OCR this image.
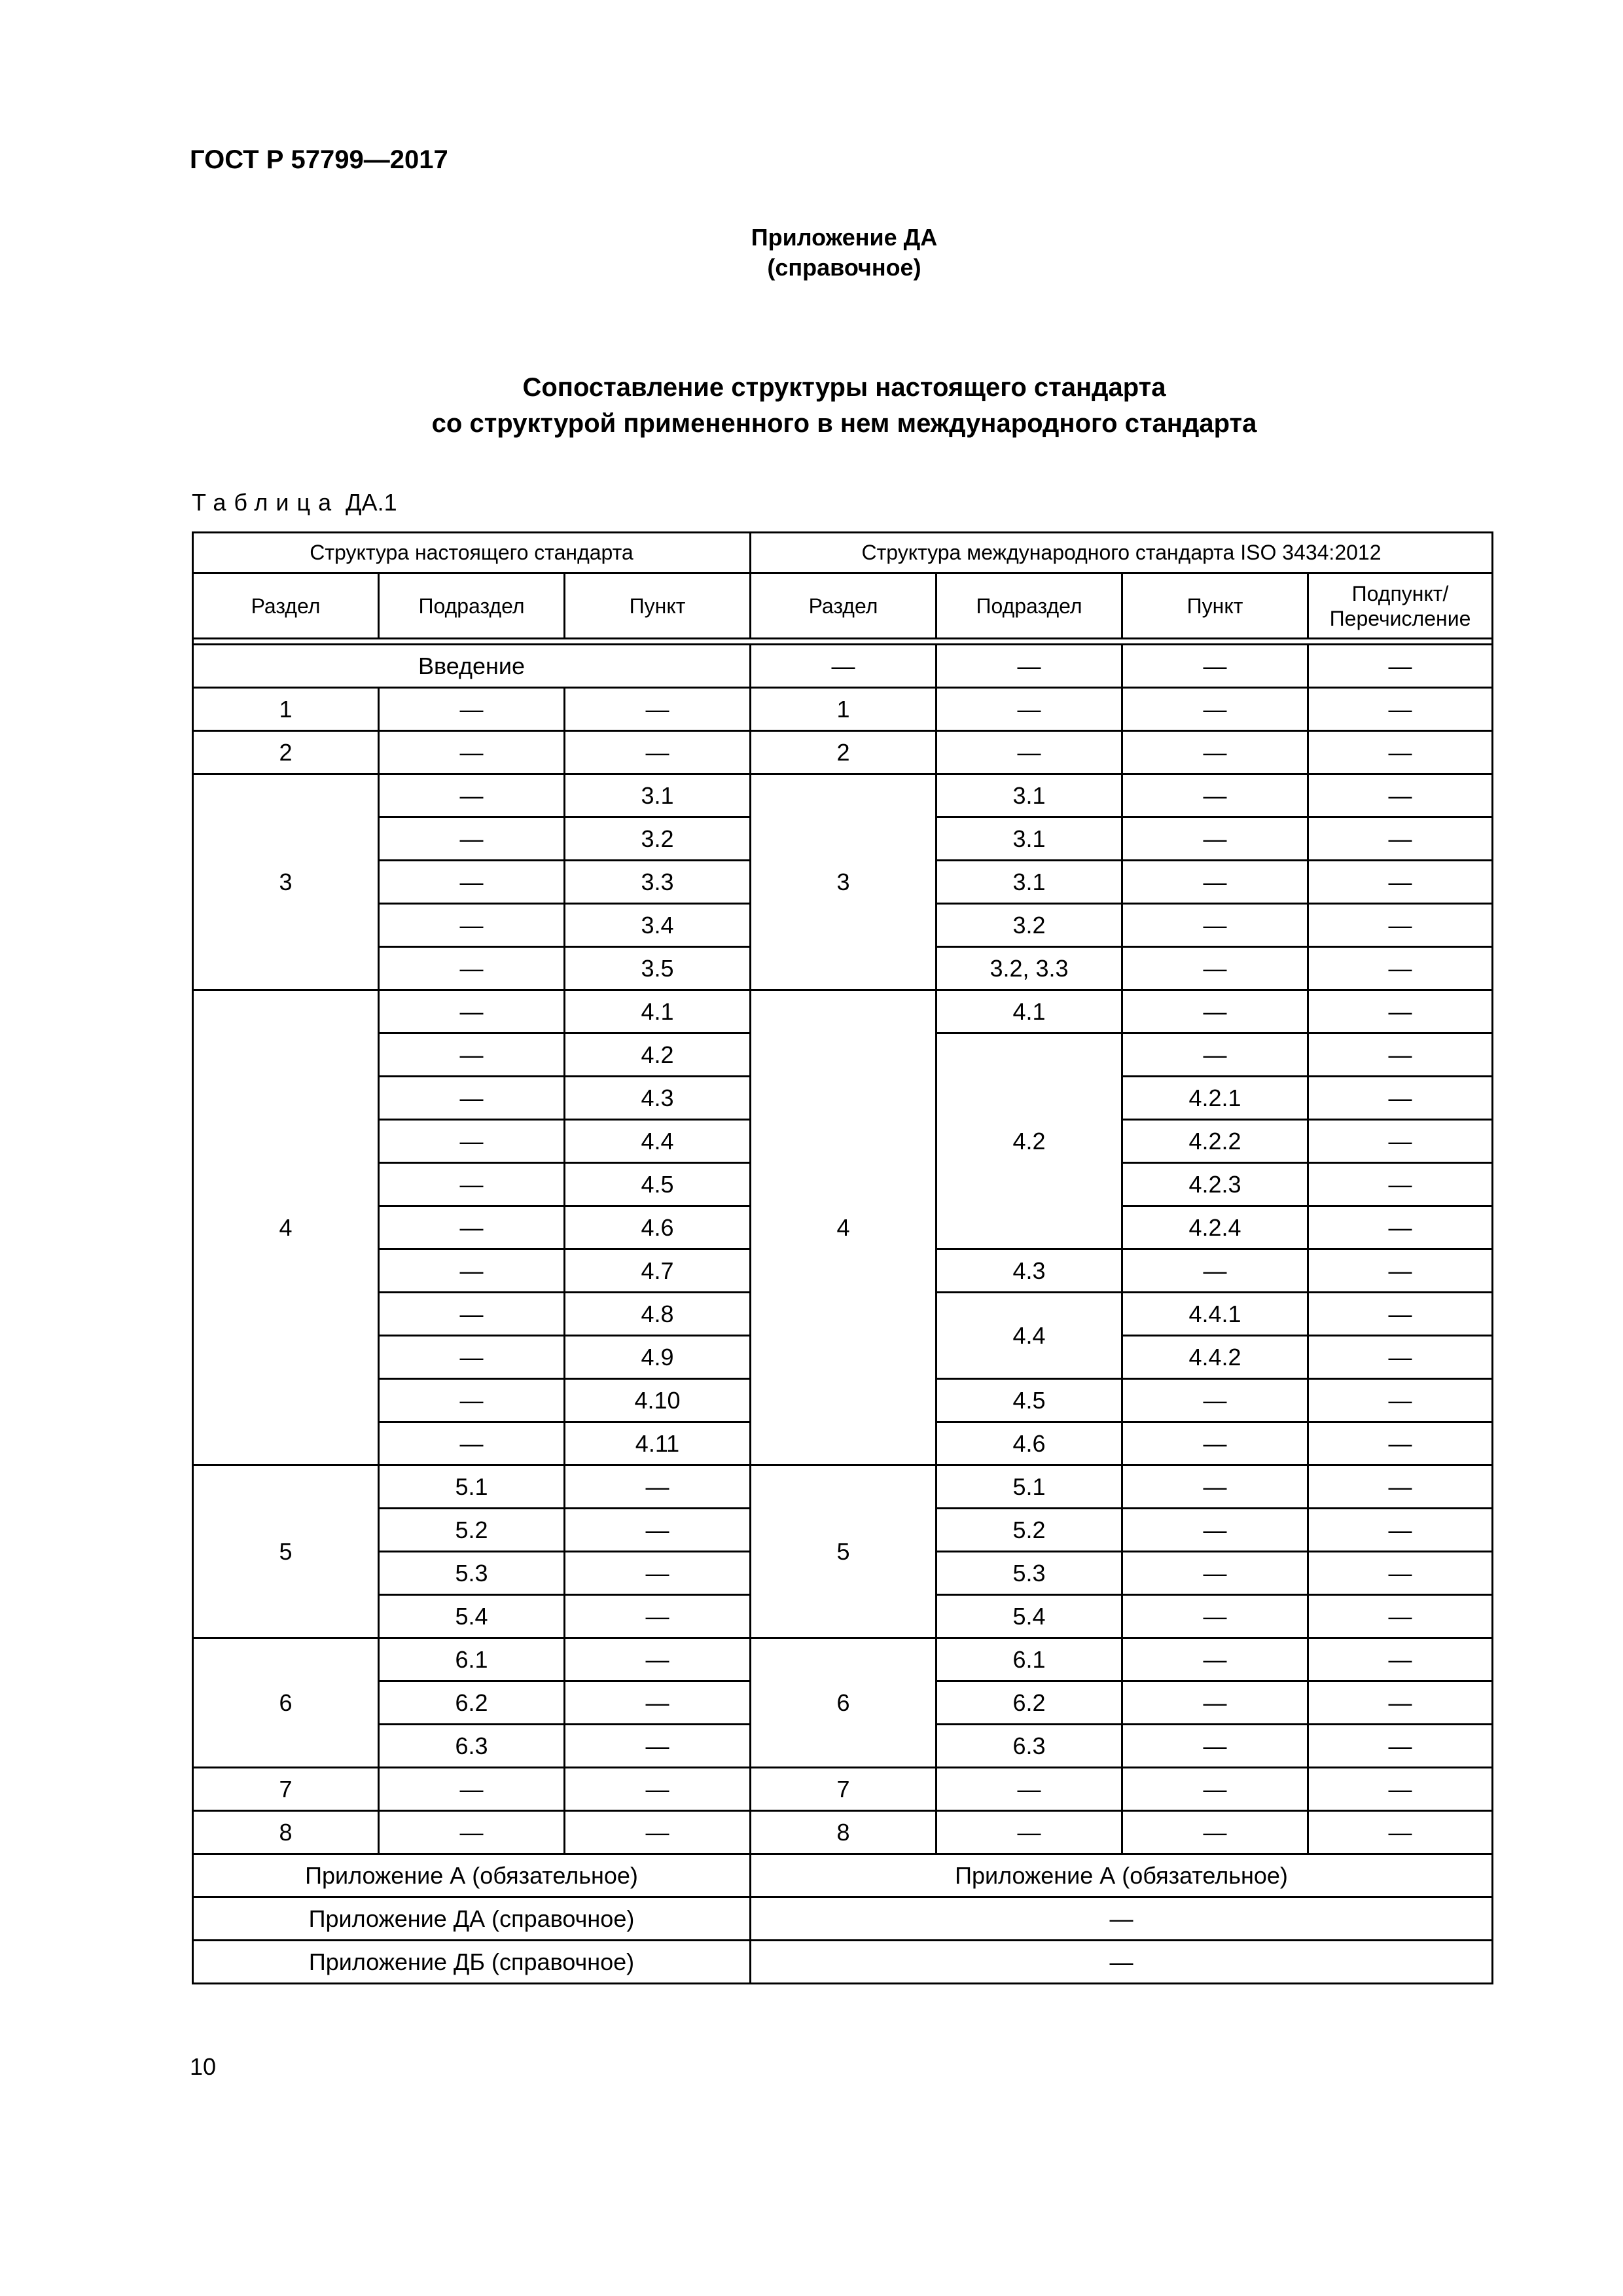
ГОСТ Р 57799—2017
Приложение ДА
(справочное)
Сопоставление структуры настоящего стандарта
со структурой примененного в нем международного стандарта
Таблица ДА.1
Структура настоящего стандарта			Структура международного стандарта ISO 3434:2012			
Раздел	Подраздел	Пункт	Раздел	Подраздел	Пункт	Подпункт/
Перечисление

Введение			—	—	—	—
1	—	—	1	—	—	—
2	—	—	2	—	—	—
3	—	3.1	3	3.1	—	—
	—	3.2		3.1	—	—
	—	3.3		3.1	—	—
	—	3.4		3.2	—	—
	—	3.5		3.2, 3.3	—	—
4	—	4.1	4	4.1	—	—
	—	4.2		4.2	—	—
	—	4.3			4.2.1	—
	—	4.4			4.2.2	—
	—	4.5			4.2.3	—
	—	4.6			4.2.4	—
	—	4.7		4.3	—	—
	—	4.8		4.4	4.4.1	—
	—	4.9			4.4.2	—
	—	4.10		4.5	—	—
	—	4.11		4.6	—	—
5	5.1	—	5	5.1	—	—
	5.2	—		5.2	—	—
	5.3	—		5.3	—	—
	5.4	—		5.4	—	—
6	6.1	—	6	6.1	—	—
	6.2	—		6.2	—	—
	6.3	—		6.3	—	—
7	—	—	7	—	—	—
8	—	—	8	—	—	—
Приложение А (обязательное)			Приложение А (обязательное)			
Приложение ДА (справочное)			—			
Приложение ДБ (справочное)			—			
10
